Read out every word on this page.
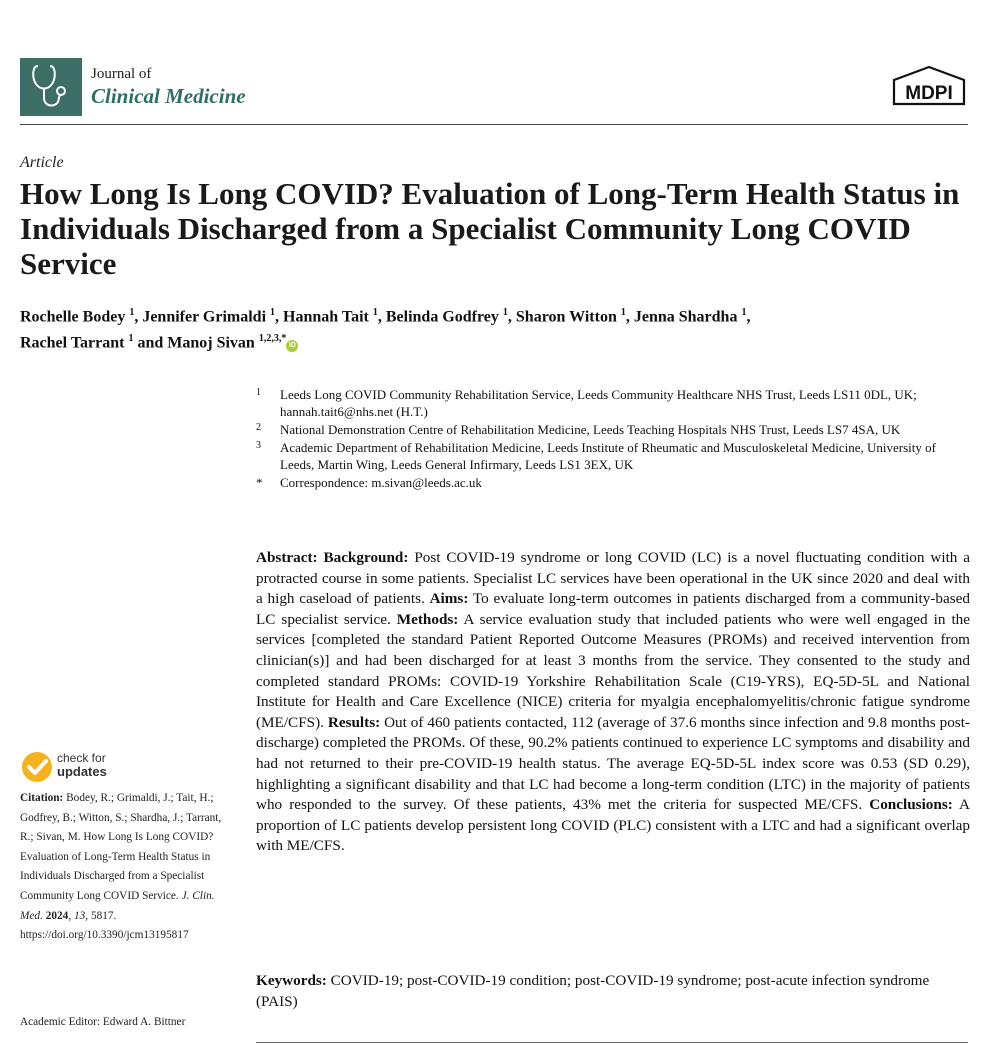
Journal of
Clinical Medicine	MDPI
Article
How Long Is Long COVID? Evaluation of Long-Term Health Status in Individuals Discharged from a Specialist Community Long COVID Service
Rochelle Bodey $^1$, Jennifer Grimaldi $^1$, Hannah Tait $^1$, Belinda Godfrey $^1$, Sharon Witton $^1$, Jenna Shardha $^1$,
Rachel Tarrant $^1$ and Manoj Sivan $^{1,2,3,*}$iD
1 Leeds Long COVID Community Rehabilitation Service, Leeds Community Healthcare NHS Trust, Leeds LS11 0DL, UK; hannah.tait6@nhs.net (H.T.)
2 National Demonstration Centre of Rehabilitation Medicine, Leeds Teaching Hospitals NHS Trust, Leeds LS7 4SA, UK
3 Academic Department of Rehabilitation Medicine, Leeds Institute of Rheumatic and Musculoskeletal Medicine, University of Leeds, Martin Wing, Leeds General Infirmary, Leeds LS1 3EX, UK
* Correspondence: m.sivan@leeds.ac.uk

Abstract: Background: Post COVID-19 syndrome or long COVID (LC) is a novel fluctuating condition with a protracted course in some patients. Specialist LC services have been operational in the UK since 2020 and deal with a high caseload of patients. Aims: To evaluate long-term outcomes in patients discharged from a community-based LC specialist service. Methods: A service evaluation study that included patients who were well engaged in the services [completed the standard Patient Reported Outcome Measures (PROMs) and received intervention from clinician(s)] and had been discharged for at least 3 months from the service. They consented to the study and completed standard PROMs: COVID-19 Yorkshire Rehabilitation Scale (C19-YRS), EQ-5D-5L and National Institute for Health and Care Excellence (NICE) criteria for myalgia encephalomyelitis/chronic fatigue syndrome (ME/CFS). Results: Out of 460 patients contacted, 112 (average of 37.6 months since infection and 9.8 months post-discharge) completed the PROMs. Of these, 90.2% patients continued to experience LC symptoms and disability and had not returned to their pre-COVID-19 health status. The average EQ-5D-5L index score was 0.53 (SD 0.29), highlighting a significant disability and that LC had become a long-term condition (LTC) in the majority of patients who responded to the survey. Of these patients, 43% met the criteria for suspected ME/CFS. Conclusions: A proportion of LC patients develop persistent long COVID (PLC) consistent with a LTC and had a significant overlap with ME/CFS.

Keywords: COVID-19; post-COVID-19 condition; post-COVID-19 syndrome; post-acute infection syndrome (PAIS)

check for
updates
Citation: Bodey, R.; Grimaldi, J.; Tait, H.; Godfrey, B.; Witton, S.; Shardha, J.; Tarrant, R.; Sivan, M. How Long Is Long COVID? Evaluation of Long-Term Health Status in Individuals Discharged from a Specialist Community Long COVID Service. J. Clin. Med. 2024, 13, 5817. https://doi.org/10.3390/jcm13195817
Academic Editor: Edward A. Bittner
